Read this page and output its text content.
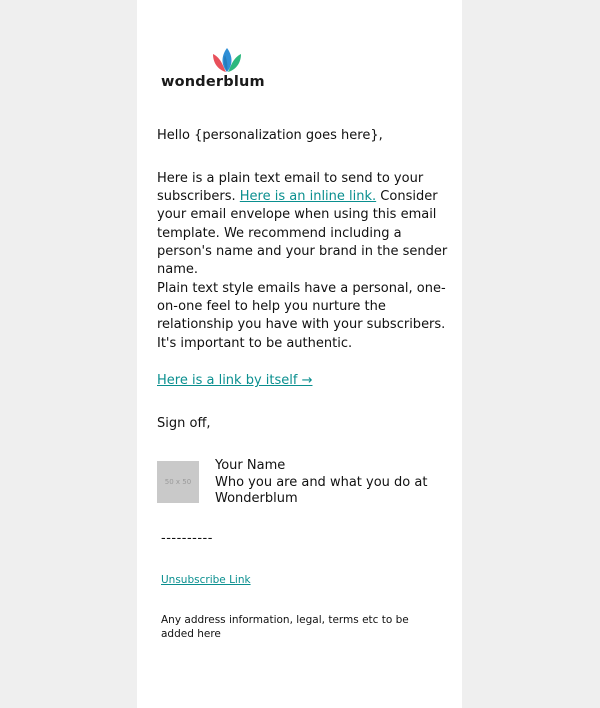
wonderblum

Hello {personalization goes here},

Here is a plain text email to send to your subscribers. Here is an inline link. Consider your email envelope when using this email template. We recommend including a person's name and your brand in the sender name.

Plain text style emails have a personal, one-on-one feel to help you nurture the relationship you have with your subscribers. It's important to be authentic.

Here is a link by itself →

Sign off,

50 x 50
Your Name
Who you are and what you do at Wonderblum
----------
Unsubscribe Link
Any address information, legal, terms etc to be added here
